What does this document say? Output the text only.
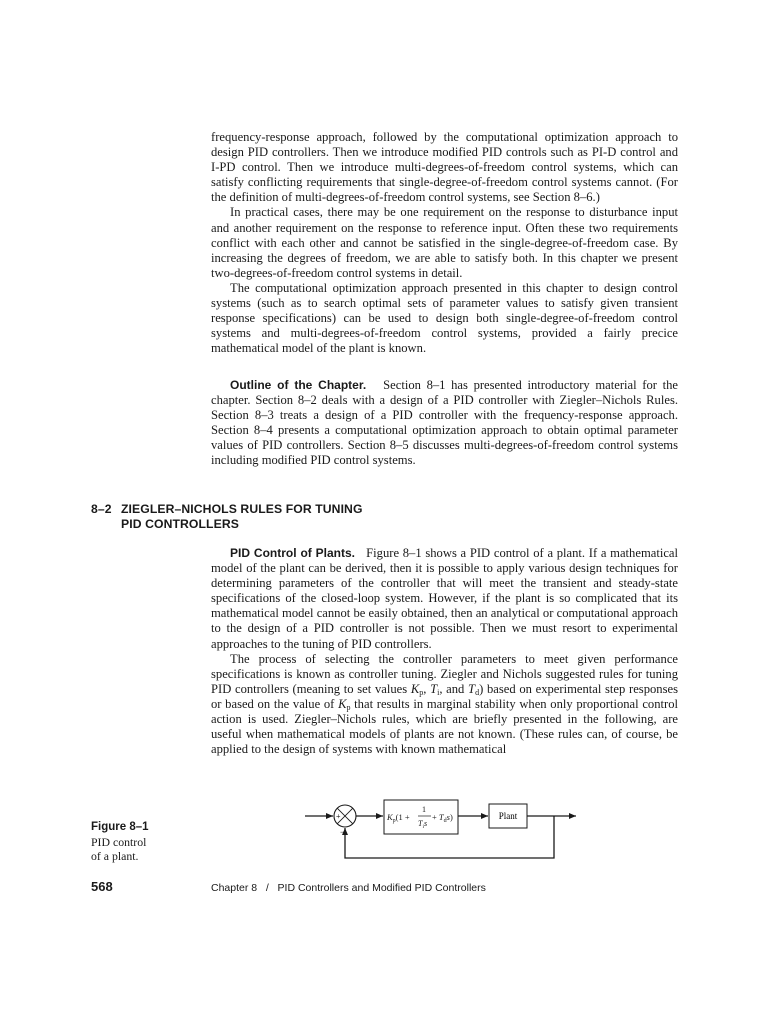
frequency-response approach, followed by the computational optimization approach to design PID controllers. Then we introduce modified PID controls such as PI-D control and I-PD control. Then we introduce multi-degrees-of-freedom control systems, which can satisfy conflicting requirements that single-degree-of-freedom control systems cannot. (For the definition of multi-degrees-of-freedom control systems, see Section 8–6.)

In practical cases, there may be one requirement on the response to disturbance input and another requirement on the response to reference input. Often these two requirements conflict with each other and cannot be satisfied in the single-degree-of-freedom case. By increasing the degrees of freedom, we are able to satisfy both. In this chapter we present two-degrees-of-freedom control systems in detail.

The computational optimization approach presented in this chapter to design control systems (such as to search optimal sets of parameter values to satisfy given transient response specifications) can be used to design both single-degree-of-freedom control systems and multi-degrees-of-freedom control systems, provided a fairly precice mathematical model of the plant is known.

Outline of the Chapter. Section 8–1 has presented introductory material for the chapter. Section 8–2 deals with a design of a PID controller with Ziegler–Nichols Rules. Section 8–3 treats a design of a PID controller with the frequency-response approach. Section 8–4 presents a computational optimization approach to obtain optimal parameter values of PID controllers. Section 8–5 discusses multi-degrees-of-freedom control systems including modified PID control systems.

8–2 ZIEGLER–NICHOLS RULES FOR TUNING
PID CONTROLLERS

PID Control of Plants. Figure 8–1 shows a PID control of a plant. If a mathematical model of the plant can be derived, then it is possible to apply various design techniques for determining parameters of the controller that will meet the transient and steady-state specifications of the closed-loop system. However, if the plant is so complicated that its mathematical model cannot be easily obtained, then an analytical or computational approach to the design of a PID controller is not possible. Then we must resort to experimental approaches to the tuning of PID controllers.

The process of selecting the controller parameters to meet given performance specifications is known as controller tuning. Ziegler and Nichols suggested rules for tuning PID controllers (meaning to set values $K_p$, $T_i$, and $T_d$) based on experimental step responses or based on the value of $K_p$ that results in marginal stability when only proportional control action is used. Ziegler–Nichols rules, which are briefly presented in the following, are useful when mathematical models of plants are not known. (These rules can, of course, be applied to the design of systems with known mathematical

Figure 8–1
PID control
of a plant.
+
−
$K_p(1$ +
1
$T_is$
+ $T_ds$)	Plant
568	Chapter 8   /   PID Controllers and Modified PID Controllers
